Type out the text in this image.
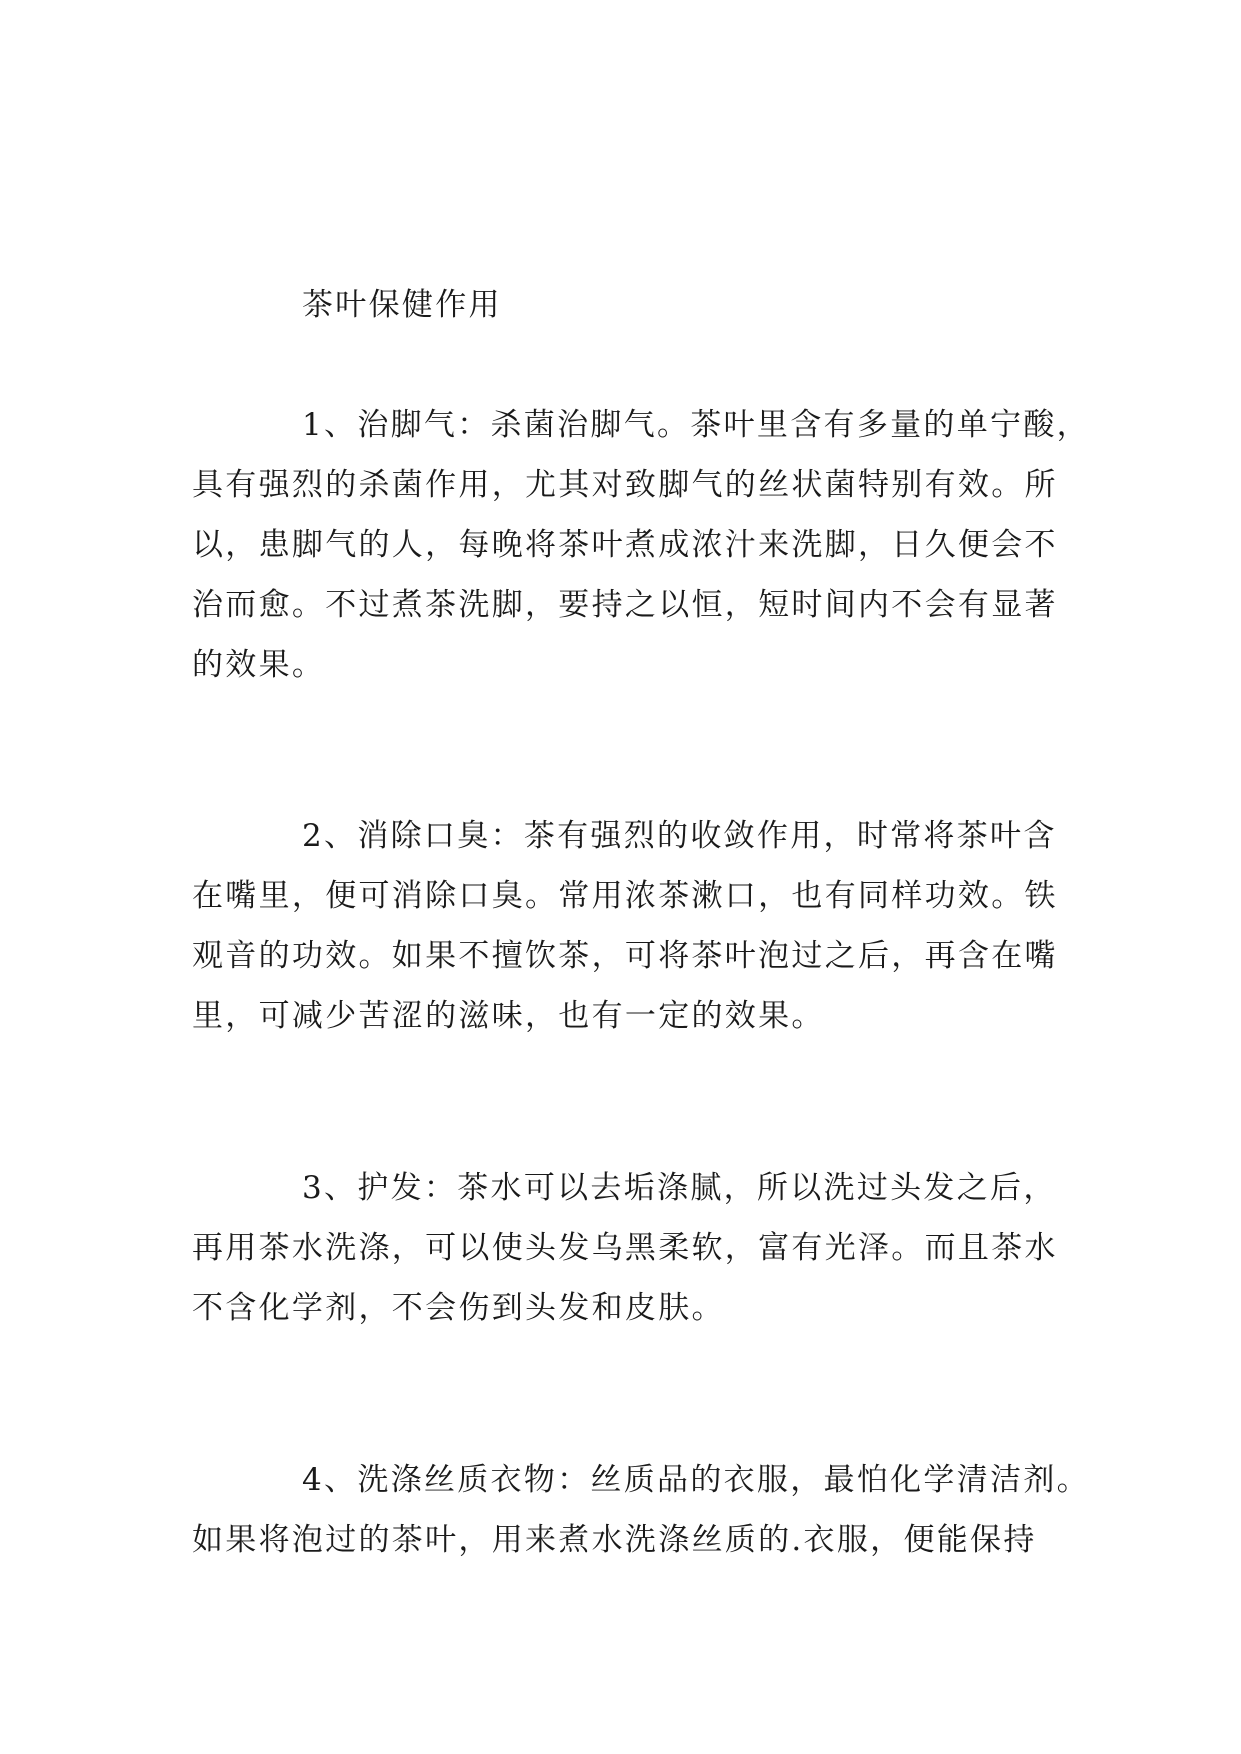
茶叶保健作用
1、治脚气：杀菌治脚气。茶叶里含有多量的单宁酸，
具有强烈的杀菌作用，尤其对致脚气的丝状菌特别有效。所
以，患脚气的人，每晚将茶叶煮成浓汁来洗脚，日久便会不
治而愈。不过煮茶洗脚，要持之以恒，短时间内不会有显著
的效果。
2、消除口臭：茶有强烈的收敛作用，时常将茶叶含
在嘴里，便可消除口臭。常用浓茶漱口，也有同样功效。铁
观音的功效。如果不擅饮茶，可将茶叶泡过之后，再含在嘴
里，可减少苦涩的滋味，也有一定的效果。
3、护发：茶水可以去垢涤腻，所以洗过头发之后，
再用茶水洗涤，可以使头发乌黑柔软，富有光泽。而且茶水
不含化学剂，不会伤到头发和皮肤。
4、洗涤丝质衣物：丝质品的衣服，最怕化学清洁剂。
如果将泡过的茶叶，用来煮水洗涤丝质的.衣服，便能保持
